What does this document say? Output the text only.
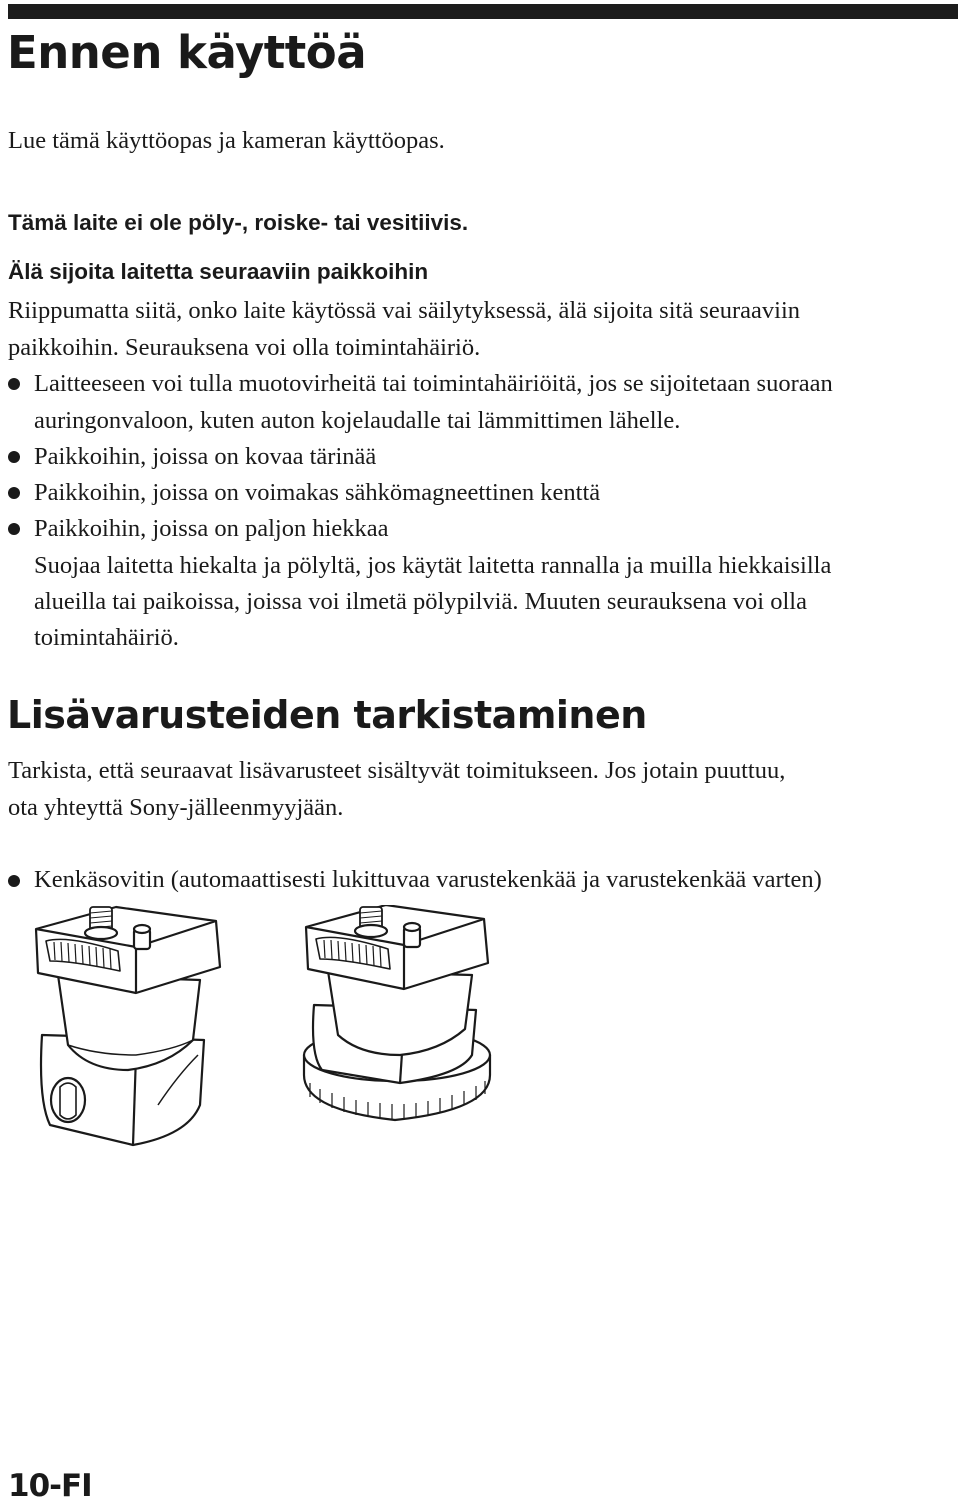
Ennen käyttöä

Lue tämä käyttöopas ja kameran käyttöopas.

Tämä laite ei ole pöly-, roiske- tai vesitiivis.

Älä sijoita laitetta seuraaviin paikkoihin

Riippumatta siitä, onko laite käytössä vai säilytyksessä, älä sijoita sitä seuraaviin

paikkoihin. Seurauksena voi olla toimintahäiriö.

Laitteeseen voi tulla muotovirheitä tai toimintahäiriöitä, jos se sijoitetaan suoraan

auringonvaloon, kuten auton kojelaudalle tai lämmittimen lähelle.

Paikkoihin, joissa on kovaa tärinää

Paikkoihin, joissa on voimakas sähkömagneettinen kenttä

Paikkoihin, joissa on paljon hiekkaa

Suojaa laitetta hiekalta ja pölyltä, jos käytät laitetta rannalla ja muilla hiekkaisilla

alueilla tai paikoissa, joissa voi ilmetä pölypilviä. Muuten seurauksena voi olla

toimintahäiriö.

Lisävarusteiden tarkistaminen

Tarkista, että seuraavat lisävarusteet sisältyvät toimitukseen. Jos jotain puuttuu,

ota yhteyttä Sony-jälleenmyyjään.

Kenkäsovitin (automaattisesti lukittuvaa varustekenkää ja varustekenkää varten)

10-FI
